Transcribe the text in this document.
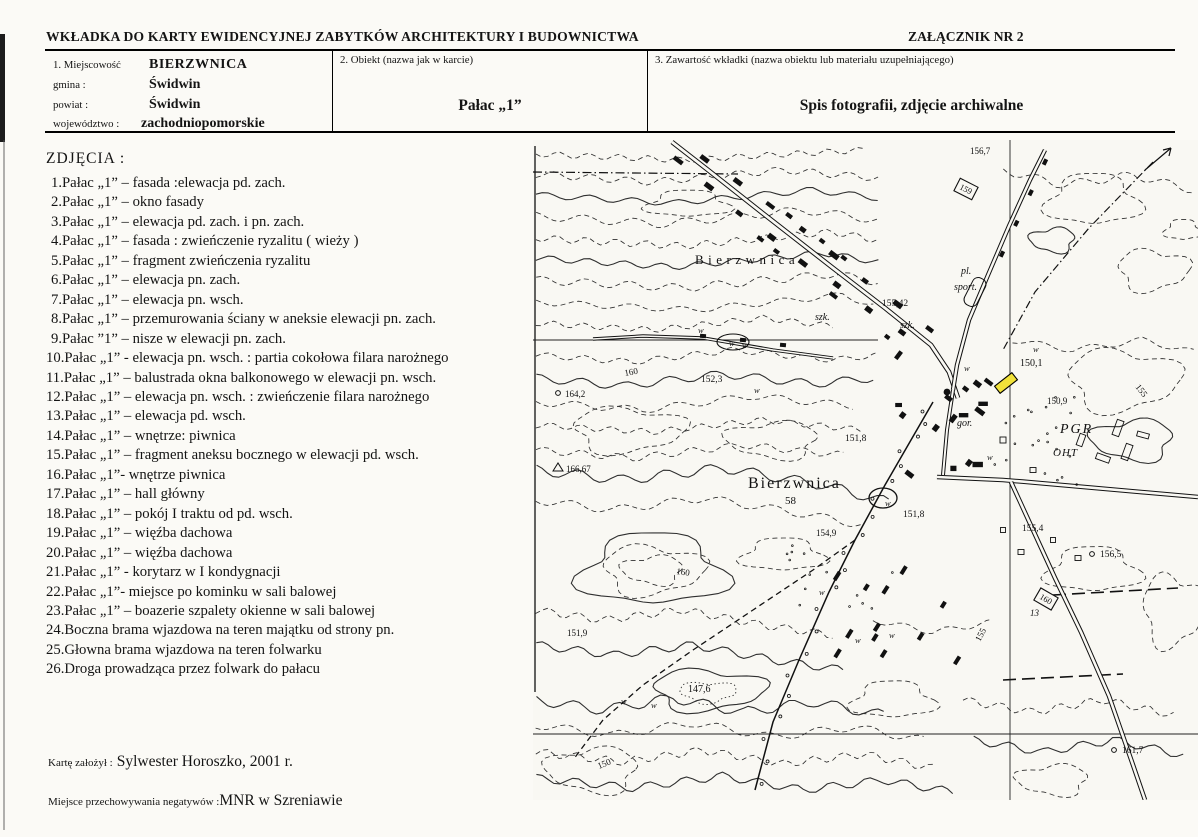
WKŁADKA DO KARTY EWIDENCYJNEJ ZABYTKÓW ARCHITEKTURY I BUDOWNICTWA	ZAŁĄCZNIK NR 2
1. Miejscowość BIERZWNICA
gmina :	Świdwin
powiat :	Świdwin
województwo : zachodniopomorskie
2. Obiekt (nazwa jak w karcie)
Pałac „1”
3. Zawartość wkładki (nazwa obiektu lub materiału uzupełniającego)
Spis fotografii, zdjęcie archiwalne
ZDJĘCIA :
1.Pałac „1” – fasada :elewacja pd. zach.
2.Pałac „1” – okno fasady
3.Pałac „1” – elewacja pd. zach. i pn. zach.
4.Pałac „1” – fasada : zwieńczenie ryzalitu ( wieży )
5.Pałac „1” – fragment zwieńczenia ryzalitu
6.Pałac „1” – elewacja pn. zach.
7.Pałac „1” – elewacja pn. wsch.
8.Pałac „1” – przemurowania ściany w aneksie elewacji pn. zach.
9.Pałac ”1” – nisze w elewacji pn. zach.
10.Pałac „1” - elewacja pn. wsch. : partia cokołowa filara narożnego
11.Pałac „1” – balustrada okna balkonowego w elewacji pn. wsch.
12.Pałac „1” – elewacja pn. wsch. : zwieńczenie filara narożnego
13.Pałac „1” – elewacja pd. wsch.
14.Pałac „1” – wnętrze: piwnica
15.Pałac „1” – fragment aneksu bocznego w elewacji pd. wsch.
16.Pałac „1”- wnętrze piwnica
17.Pałac „1” – hall główny
18.Pałac „1” – pokój I traktu od pd. wsch.
19.Pałac „1” – więźba dachowa
20.Pałac „1” – więźba dachowa
21.Pałac „1” - korytarz w I kondygnacji
22.Pałac „1”- miejsce po kominku w sali balowej
23.Pałac „1” – boazerie szpalety okienne w sali balowej
24.Boczna brama wjazdowa na teren majątku od strony pn.
25.Głowna brama wjazdowa na teren folwarku
26.Droga prowadząca przez folwark do pałacu
Kartę założył : Sylwester Horoszko, 2001 r.
Miejsce przechowywania negatywów :MNR w Szreniawie
156,7
Bierzwnica
pl.
sport.
155,42
szk.
szk.
150,1
160
152,3
164,2
166,67
151,8
150,9
PGR
OHT
gor.
Bierzwnica
58
151,8
155,4
154,9
155
155
13
156,5
161,7
147,6
151,9
150
160
159
160
w
w
w
w
w
w
w
w
w	w
w
w
w
